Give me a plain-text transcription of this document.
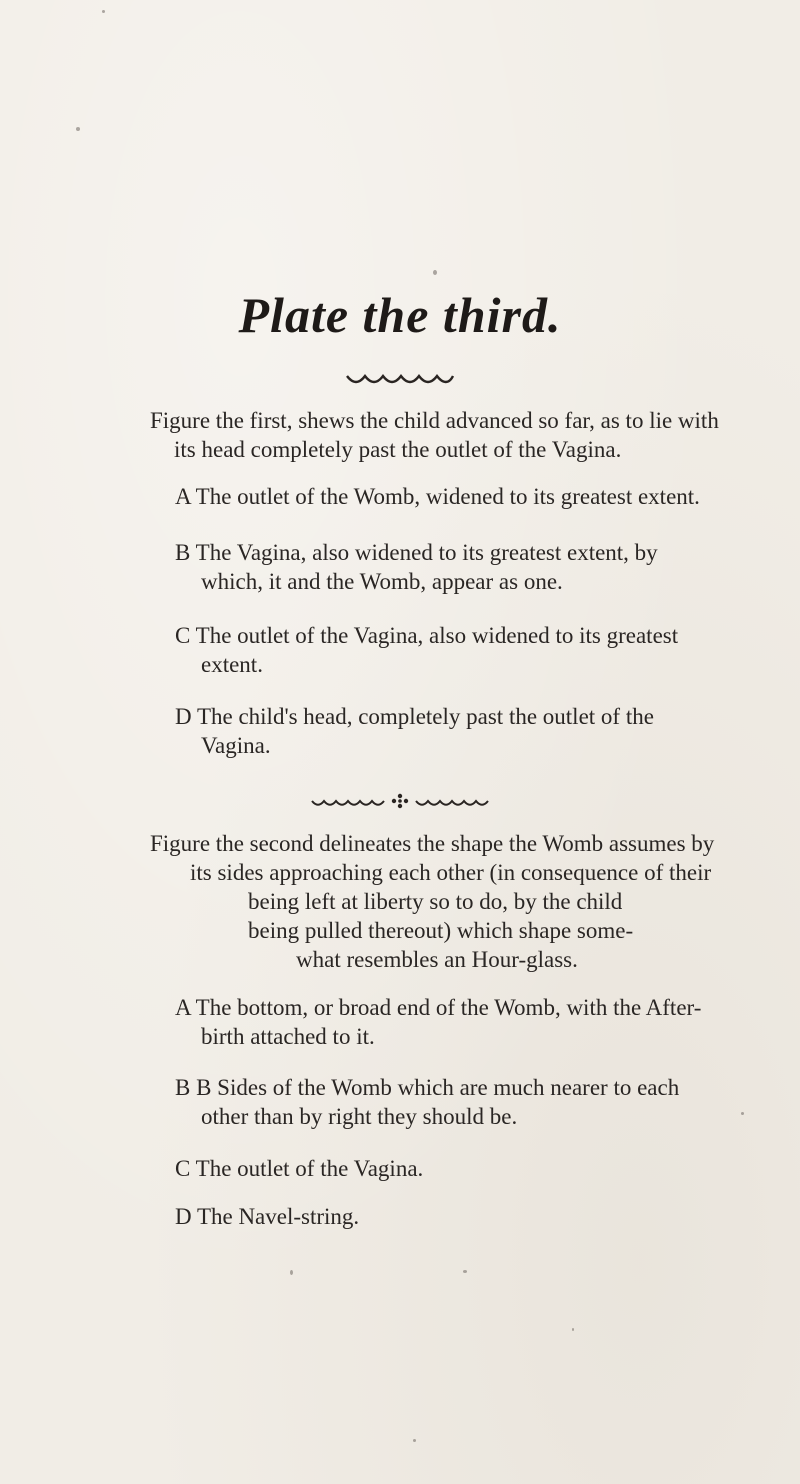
Plate the third.

Figure the first, shews the child advanced so far, as to lie with
its head completely past the outlet of the Vagina.

A The outlet of the Womb, widened to its greatest extent.

B The Vagina, also widened to its greatest extent, by
which, it and the Womb, appear as one.

C The outlet of the Vagina, also widened to its greatest
extent.

D The child's head, completely past the outlet of the
Vagina.

Figure the second delineates the shape the Womb assumes by
its sides approaching each other (in consequence of their
being left at liberty so to do, by the child
being pulled thereout) which shape some-
what resembles an Hour-glass.

A The bottom, or broad end of the Womb, with the After-
birth attached to it.

B B Sides of the Womb which are much nearer to each
other than by right they should be.

C The outlet of the Vagina.

D The Navel-string.
